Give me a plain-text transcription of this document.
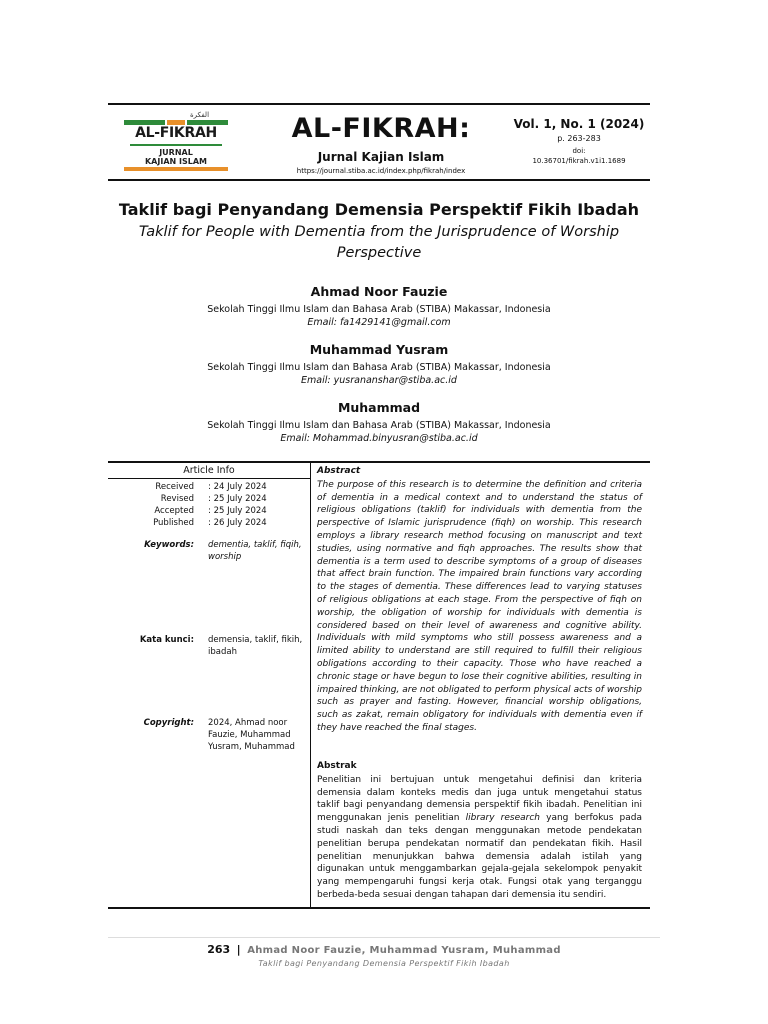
الفكرة
AL-FIKRAH
JURNAL
KAJIAN ISLAM
AL-FIKRAH:
Jurnal Kajian Islam
https://journal.stiba.ac.id/index.php/fikrah/index
Vol. 1, No. 1 (2024)
p. 263-283
doi:
10.36701/fikrah.v1i1.1689
Taklif bagi Penyandang Demensia Perspektif Fikih Ibadah
Taklif for People with Dementia from the Jurisprudence of Worship Perspective
Ahmad Noor Fauzie
Sekolah Tinggi Ilmu Islam dan Bahasa Arab (STIBA) Makassar, Indonesia
Email: fa1429141@gmail.com
Muhammad Yusram
Sekolah Tinggi Ilmu Islam dan Bahasa Arab (STIBA) Makassar, Indonesia
Email: yusrananshar@stiba.ac.id
Muhammad
Sekolah Tinggi Ilmu Islam dan Bahasa Arab (STIBA) Makassar, Indonesia
Email: Mohammad.binyusran@stiba.ac.id
Article Info
Received : 24 July 2024
Revised : 25 July 2024
Accepted : 25 July 2024
Published : 26 July 2024
Keywords: dementia, taklif, fiqih, worship
Kata kunci: demensia, taklif, fikih, ibadah
Copyright: 2024, Ahmad noor Fauzie, Muhammad Yusram, Muhammad
Abstract
The purpose of this research is to determine the definition and criteria of dementia in a medical context and to understand the status of religious obligations (taklif) for individuals with dementia from the perspective of Islamic jurisprudence (fiqh) on worship. This research employs a library research method focusing on manuscript and text studies, using normative and fiqh approaches. The results show that dementia is a term used to describe symptoms of a group of diseases that affect brain function. The impaired brain functions vary according to the stages of dementia. These differences lead to varying statuses of religious obligations at each stage. From the perspective of fiqh on worship, the obligation of worship for individuals with dementia is considered based on their level of awareness and cognitive ability. Individuals with mild symptoms who still possess awareness and a limited ability to understand are still required to fulfill their religious obligations according to their capacity. Those who have reached a chronic stage or have begun to lose their cognitive abilities, resulting in impaired thinking, are not obligated to perform physical acts of worship such as prayer and fasting. However, financial worship obligations, such as zakat, remain obligatory for individuals with dementia even if they have reached the final stages.
Abstrak
Penelitian ini bertujuan untuk mengetahui definisi dan kriteria demensia dalam konteks medis dan juga untuk mengetahui status taklif bagi penyandang demensia perspektif fikih ibadah. Penelitian ini menggunakan jenis penelitian library research yang berfokus pada studi naskah dan teks dengan menggunakan metode pendekatan penelitian berupa pendekatan normatif dan pendekatan fikih. Hasil penelitian menunjukkan bahwa demensia adalah istilah yang digunakan untuk menggambarkan gejala-gejala sekelompok penyakit yang mempengaruhi fungsi kerja otak. Fungsi otak yang terganggu berbeda-beda sesuai dengan tahapan dari demensia itu sendiri.
263 | Ahmad Noor Fauzie, Muhammad Yusram, Muhammad
Taklif bagi Penyandang Demensia Perspektif Fikih Ibadah
